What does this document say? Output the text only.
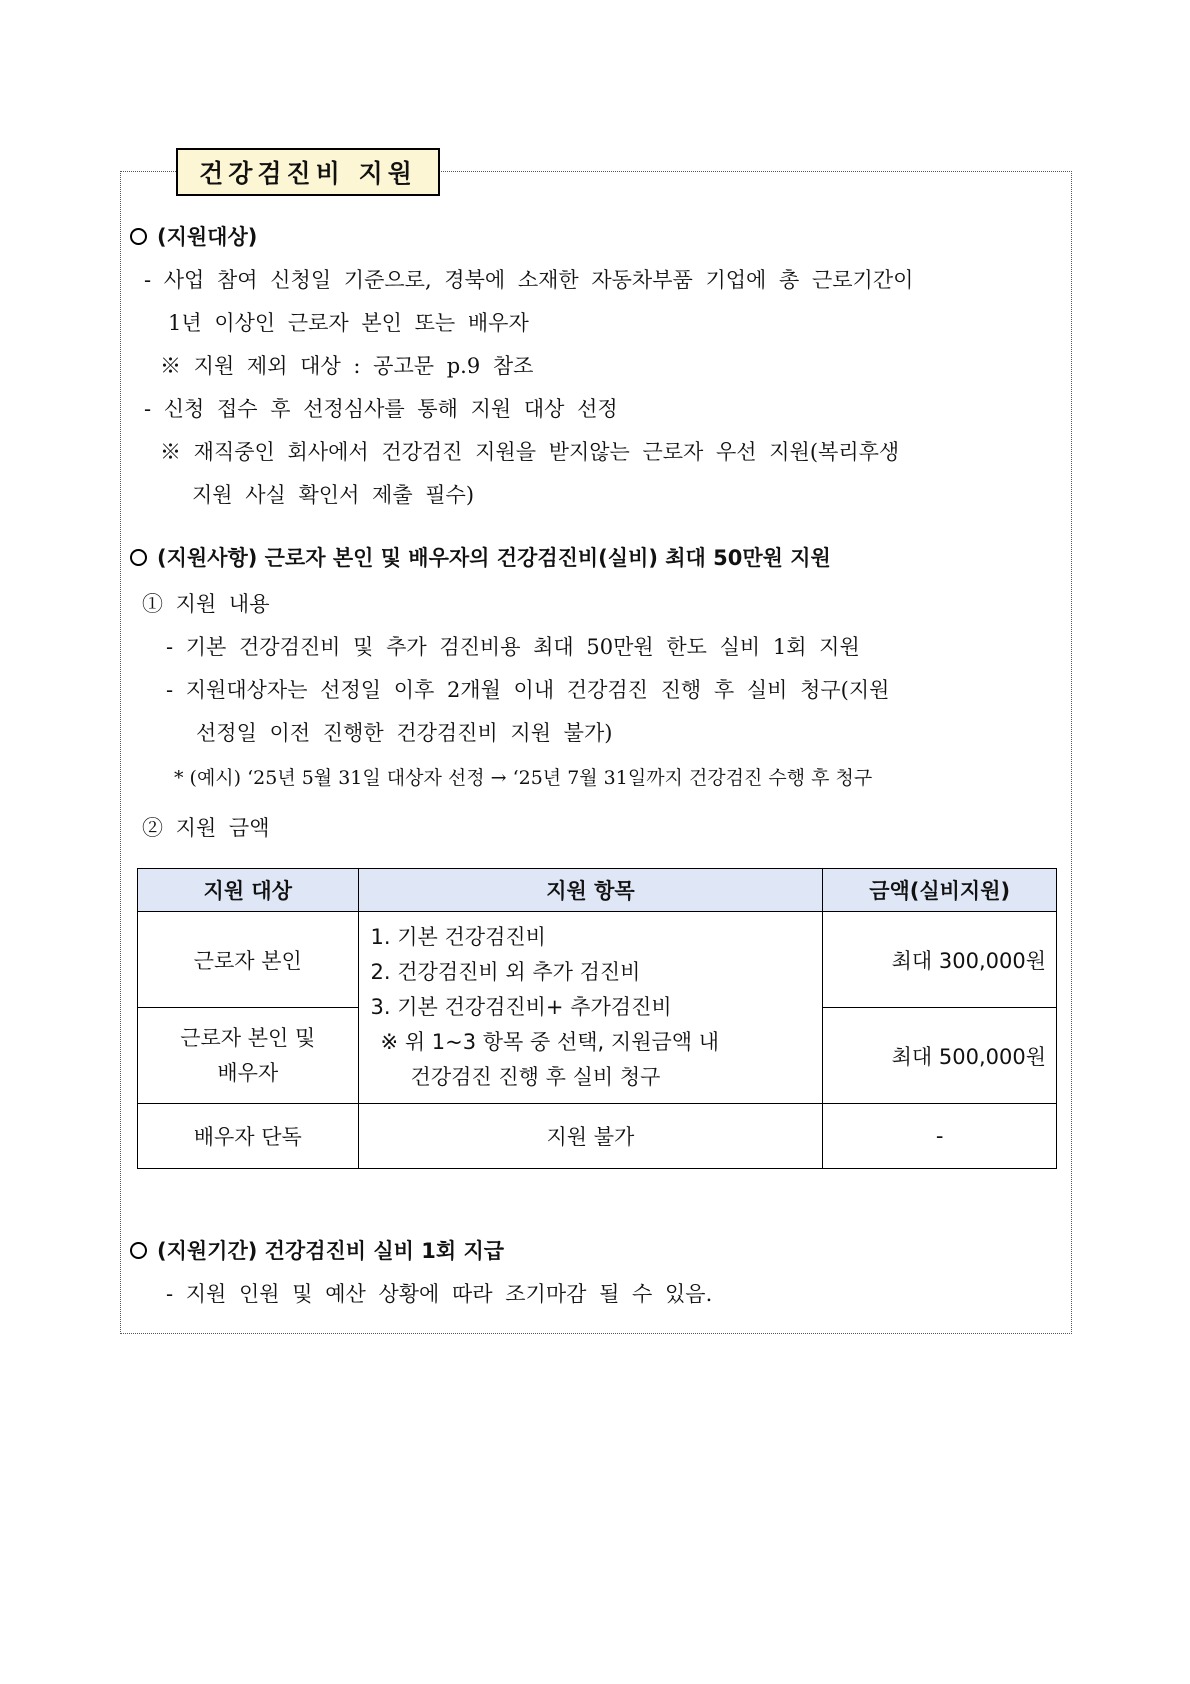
건강검진비 지원
(지원대상)
- 사업 참여 신청일 기준으로, 경북에 소재한 자동차부품 기업에 총 근로기간이
1년 이상인 근로자 본인 또는 배우자
※ 지원 제외 대상 : 공고문 p.9 참조
- 신청 접수 후 선정심사를 통해 지원 대상 선정
※ 재직중인 회사에서 건강검진 지원을 받지않는 근로자 우선 지원(복리후생
지원 사실 확인서 제출 필수)
(지원사항) 근로자 본인 및 배우자의 건강검진비(실비) 최대 50만원 지원
① 지원 내용
- 기본 건강검진비 및 추가 검진비용 최대 50만원 한도 실비 1회 지원
- 지원대상자는 선정일 이후 2개월 이내 건강검진 진행 후 실비 청구(지원
선정일 이전 진행한 건강검진비 지원 불가)
* (예시) ‘25년 5월 31일 대상자 선정 → ‘25년 7월 31일까지 건강검진 수행 후 청구
② 지원 금액
지원 대상	지원 항목	금액(실비지원)
근로자 본인	1. 기본 건강검진비
2. 건강검진비 외 추가 검진비
3. 기본 건강검진비+ 추가검진비
※ 위 1~3 항목 중 선택, 지원금액 내
건강검진 진행 후 실비 청구	최대 300,000원

근로자 본인 및
배우자		최대 500,000원
배우자 단독	지원 불가	-
(지원기간) 건강검진비 실비 1회 지급
- 지원 인원 및 예산 상황에 따라 조기마감 될 수 있음.
